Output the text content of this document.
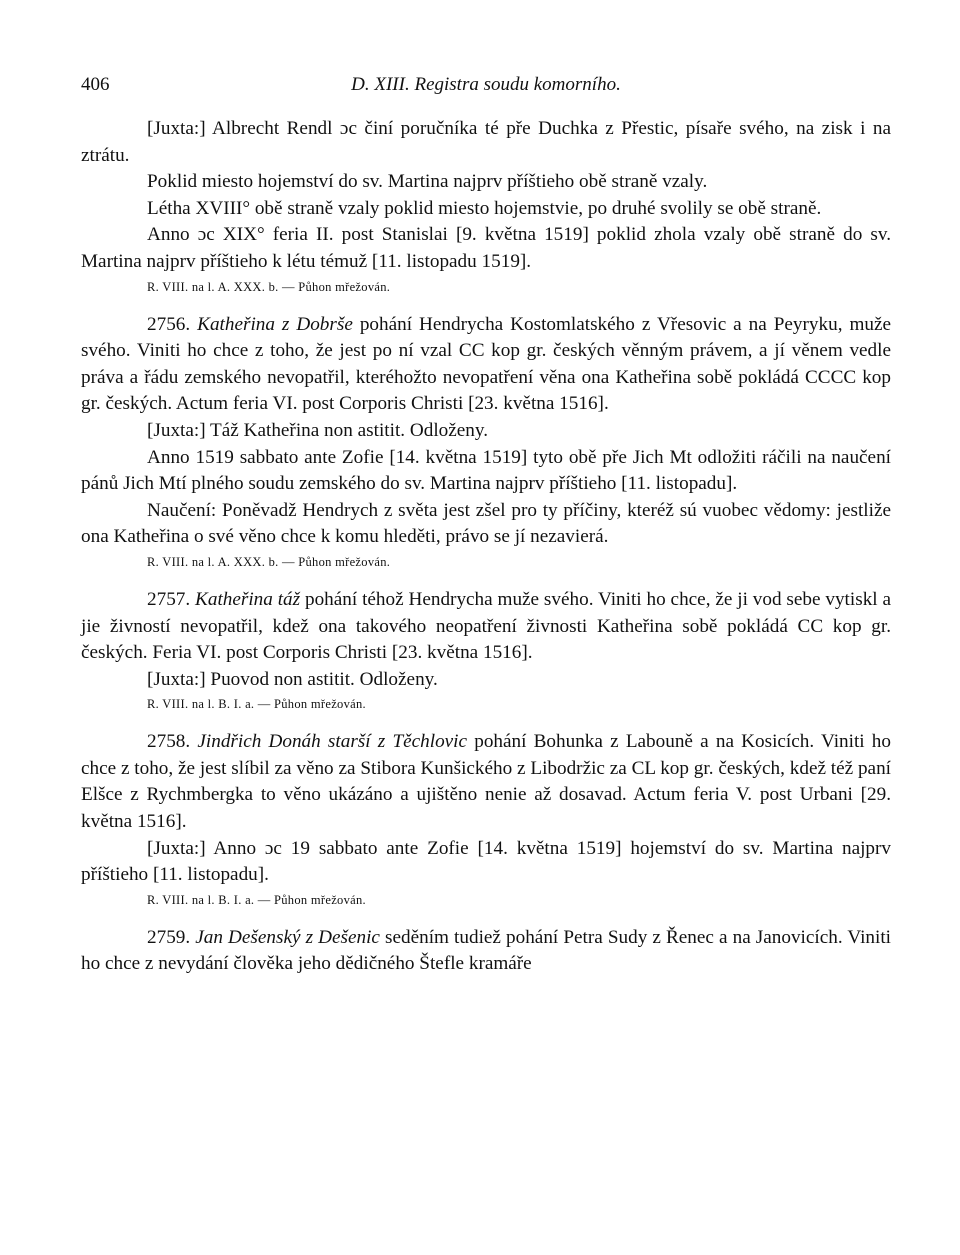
406	D. XIII. Registra soudu komorního.

[Juxta:] Albrecht Rendl ɔc činí poručníka té pře Duchka z Přestic, písaře svého, na zisk i na ztrátu.

Poklid miesto hojemství do sv. Martina najprv příštieho obě straně vzaly.

Létha XVIII° obě straně vzaly poklid miesto hojemstvie, po druhé svolily se obě straně.

Anno ɔc XIX° feria II. post Stanislai [9. května 1519] poklid zhola vzaly obě straně do sv. Martina najprv příštieho k létu témuž [11. listopadu 1519].

R. VIII. na l. A. XXX. b. — Půhon mřežován.

2756. Katheřina z Dobrše pohání Hendrycha Kostomlatského z Vřesovic a na Peyryku, muže svého. Viniti ho chce z toho, že jest po ní vzal CC kop gr. českých věnným právem, a jí věnem vedle práva a řádu zemského nevopatřil, kteréhožto nevopatření věna ona Katheřina sobě pokládá CCCC kop gr. českých. Actum feria VI. post Corporis Christi [23. května 1516].

[Juxta:] Táž Katheřina non astitit. Odloženy.

Anno 1519 sabbato ante Zofie [14. května 1519] tyto obě pře Jich Mt odložiti ráčili na naučení pánů Jich Mtí plného soudu zemského do sv. Martina najprv příštieho [11. listopadu].

Naučení: Poněvadž Hendrych z světa jest zšel pro ty příčiny, kteréž sú vuobec vědomy: jestliže ona Katheřina o své věno chce k komu hleděti, právo se jí nezavierá.

R. VIII. na l. A. XXX. b. — Půhon mřežován.

2757. Katheřina táž pohání téhož Hendrycha muže svého. Viniti ho chce, že ji vod sebe vytiskl a jie živností nevopatřil, kdež ona takového neopatření živnosti Katheřina sobě pokládá CC kop gr. českých. Feria VI. post Corporis Christi [23. května 1516].

[Juxta:] Puovod non astitit. Odloženy.

R. VIII. na l. B. I. a. — Půhon mřežován.

2758. Jindřich Donáh starší z Těchlovic pohání Bohunka z Labouně a na Kosicích. Viniti ho chce z toho, že jest slíbil za věno za Stibora Kunšického z Libodržic za CL kop gr. českých, kdež též paní Elšce z Rychmbergka to věno ukázáno a ujištěno nenie až dosavad. Actum feria V. post Urbani [29. května 1516].

[Juxta:] Anno ɔc 19 sabbato ante Zofie [14. května 1519] hojemství do sv. Martina najprv příštieho [11. listopadu].

R. VIII. na l. B. I. a. — Půhon mřežován.

2759. Jan Dešenský z Dešenic seděním tudiež pohání Petra Sudy z Řenec a na Janovicích. Viniti ho chce z nevydání člověka jeho dědičného Štefle kramáře
